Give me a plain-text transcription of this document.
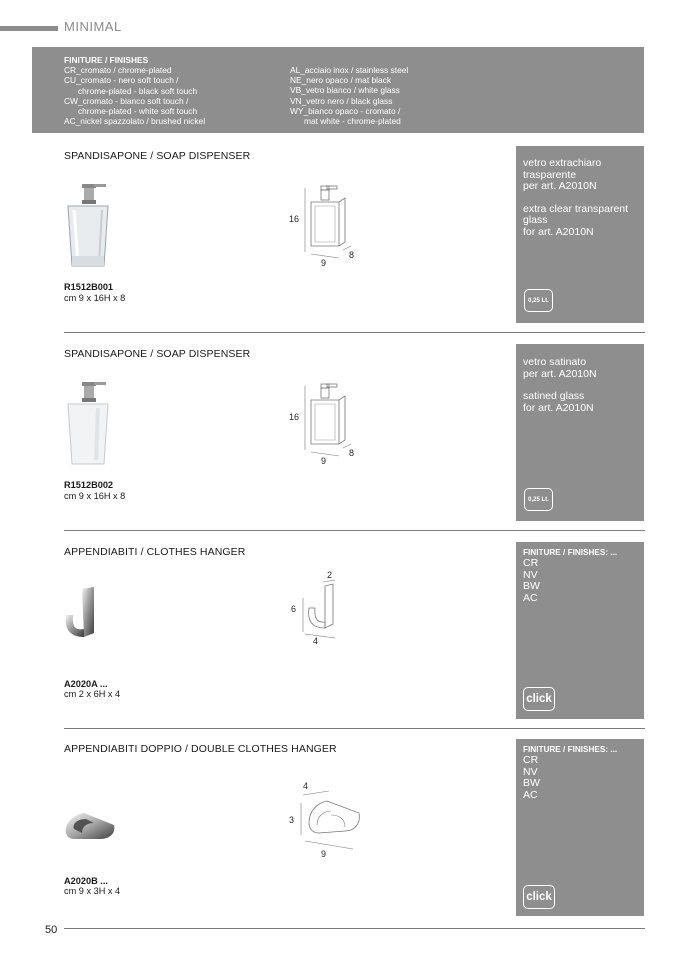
MINIMAL
FINITURE / FINISHES
CR_cromato / chrome-plated
CU_cromato - nero soft touch /
chrome-plated - black soft touch
CW_cromato - bianco soft touch /
chrome-plated - white soft touch
AC_nickel spazzolato / brushed nickel
AL_acciaio inox / stainless steel
NE_nero opaco / mat black
VB_vetro bianco / white glass
VN_vetro nero / black glass
WY_bianco opaco - cromato /
mat white - chrome-plated
SPANDISAPONE / SOAP DISPENSER
16
9
8
R1512B001
cm 9 x 16H x 8
vetro extrachiaro
trasparente
per art. A2010N
extra clear transparent
glass
for art. A2010N
0,25 Lt.
SPANDISAPONE / SOAP DISPENSER
16
9
8
R1512B002
cm 9 x 16H x 8
vetro satinato
per art. A2010N
satined glass
for art. A2010N
0,25 Lt.
APPENDIABITI / CLOTHES HANGER
2
6
4
A2020A ...
cm 2 x 6H x 4
FINITURE / FINISHES: ...
CR
NV
BW
AC
click
APPENDIABITI DOPPIO / DOUBLE CLOTHES HANGER
4
3
9
A2020B ...
cm 9 x 3H x 4
FINITURE / FINISHES: ...
CR
NV
BW
AC
click
50
